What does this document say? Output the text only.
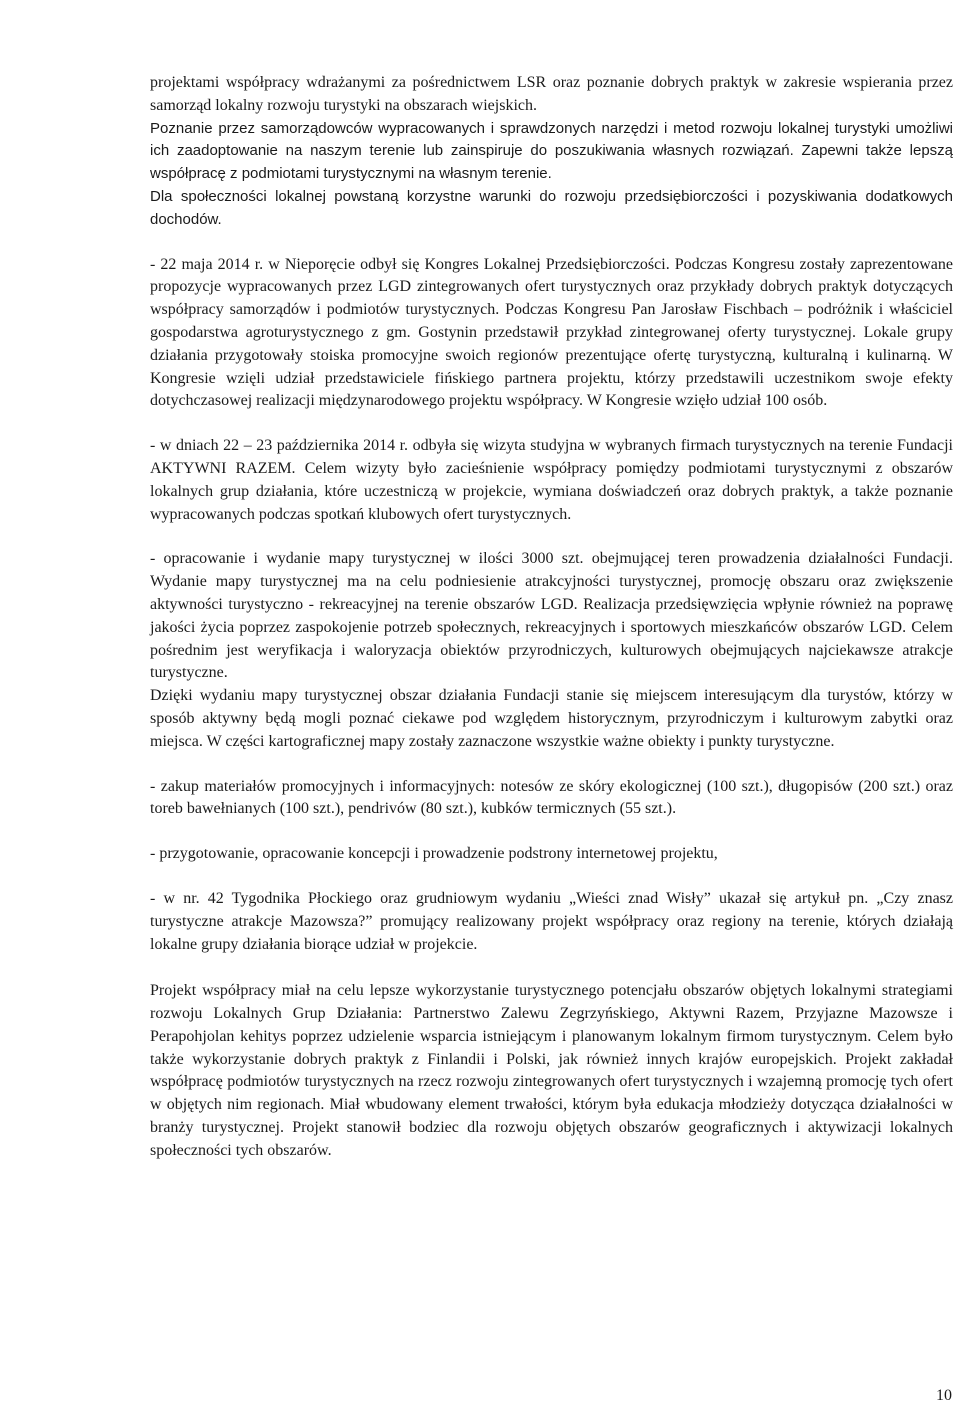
projektami współpracy wdrażanymi za pośrednictwem LSR oraz poznanie dobrych praktyk w zakresie wspierania przez samorząd lokalny rozwoju turystyki na obszarach wiejskich.

Poznanie przez samorządowców wypracowanych i sprawdzonych narzędzi i metod rozwoju lokalnej turystyki umożliwi ich zaadoptowanie na naszym terenie lub zainspiruje do poszukiwania własnych rozwiązań. Zapewni także lepszą współpracę z podmiotami turystycznymi na własnym terenie.

Dla społeczności lokalnej powstaną korzystne warunki do rozwoju przedsiębiorczości i pozyskiwania dodatkowych dochodów.

- 22 maja 2014 r. w Nieporęcie odbył się Kongres Lokalnej Przedsiębiorczości. Podczas Kongresu zostały zaprezentowane propozycje wypracowanych przez LGD zintegrowanych ofert turystycznych oraz przykłady dobrych praktyk dotyczących współpracy samorządów i podmiotów turystycznych. Podczas Kongresu Pan Jarosław Fischbach – podróżnik i właściciel gospodarstwa agroturystycznego z gm. Gostynin przedstawił przykład zintegrowanej oferty turystycznej. Lokale grupy działania przygotowały stoiska promocyjne swoich regionów prezentujące ofertę turystyczną, kulturalną i kulinarną. W Kongresie wzięli udział przedstawiciele fińskiego partnera projektu, którzy przedstawili uczestnikom swoje efekty dotychczasowej realizacji międzynarodowego projektu współpracy. W Kongresie wzięło udział 100 osób.

- w dniach 22 – 23 października 2014 r. odbyła się wizyta studyjna w wybranych firmach turystycznych na terenie Fundacji AKTYWNI RAZEM. Celem wizyty było zacieśnienie współpracy pomiędzy podmiotami turystycznymi z obszarów lokalnych grup działania, które uczestniczą w projekcie, wymiana doświadczeń oraz dobrych praktyk, a także poznanie wypracowanych podczas spotkań klubowych ofert turystycznych.

- opracowanie i wydanie mapy turystycznej w ilości 3000 szt. obejmującej teren prowadzenia działalności Fundacji. Wydanie mapy turystycznej ma na celu podniesienie atrakcyjności turystycznej, promocję obszaru oraz zwiększenie aktywności turystyczno - rekreacyjnej na terenie obszarów LGD. Realizacja przedsięwzięcia wpłynie również na poprawę jakości życia poprzez zaspokojenie potrzeb społecznych, rekreacyjnych i sportowych mieszkańców obszarów LGD. Celem pośrednim jest weryfikacja i waloryzacja obiektów przyrodniczych, kulturowych obejmujących najciekawsze atrakcje turystyczne.

Dzięki wydaniu mapy turystycznej obszar działania Fundacji stanie się miejscem interesującym dla turystów, którzy w sposób aktywny będą mogli poznać ciekawe pod względem historycznym, przyrodniczym i kulturowym zabytki oraz miejsca. W części kartograficznej mapy zostały zaznaczone wszystkie ważne obiekty i punkty turystyczne.

- zakup materiałów promocyjnych i informacyjnych: notesów ze skóry ekologicznej (100 szt.), długopisów (200 szt.) oraz toreb bawełnianych (100 szt.), pendrivów (80 szt.), kubków termicznych (55 szt.).

- przygotowanie, opracowanie koncepcji i prowadzenie podstrony internetowej projektu,

- w nr. 42 Tygodnika Płockiego oraz grudniowym wydaniu „Wieści znad Wisły” ukazał się artykuł pn. „Czy znasz turystyczne atrakcje Mazowsza?” promujący realizowany projekt współpracy oraz regiony na terenie, których działają lokalne grupy działania biorące udział w projekcie.

Projekt współpracy miał na celu lepsze wykorzystanie turystycznego potencjału obszarów objętych lokalnymi strategiami rozwoju Lokalnych Grup Działania: Partnerstwo Zalewu Zegrzyńskiego, Aktywni Razem, Przyjazne Mazowsze i Perapohjolan kehitys poprzez udzielenie wsparcia istniejącym i planowanym lokalnym firmom turystycznym. Celem było także wykorzystanie dobrych praktyk z Finlandii i Polski, jak również innych krajów europejskich. Projekt zakładał współpracę podmiotów turystycznych na rzecz rozwoju zintegrowanych ofert turystycznych i wzajemną promocję tych ofert w objętych nim regionach. Miał wbudowany element trwałości, którym była edukacja młodzieży dotycząca działalności w branży turystycznej. Projekt stanowił bodziec dla rozwoju objętych obszarów geograficznych i aktywizacji lokalnych społeczności tych obszarów.

10
